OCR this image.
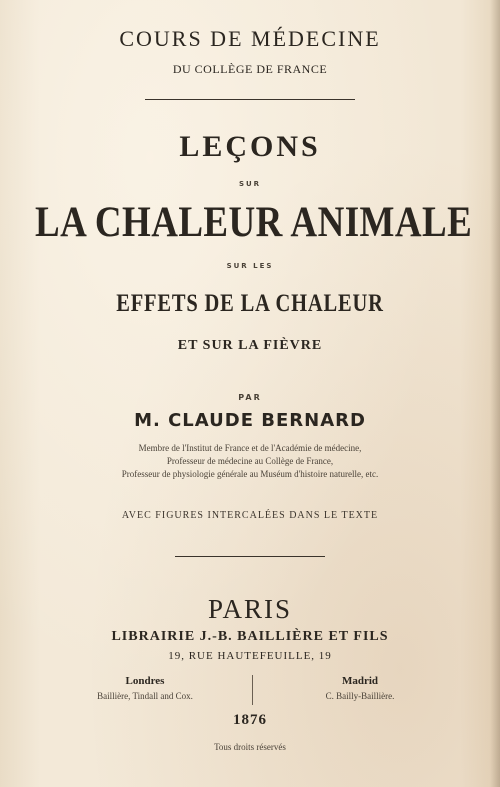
COURS DE MÉDECINE
DU COLLÈGE DE FRANCE
LEÇONS
SUR
LA CHALEUR ANIMALE
SUR LES
EFFETS DE LA CHALEUR
ET SUR LA FIÈVRE
PAR
M. CLAUDE BERNARD
Membre de l'Institut de France et de l'Académie de médecine,
Professeur de médecine au Collège de France,
Professeur de physiologie générale au Muséum d'histoire naturelle, etc.
AVEC FIGURES INTERCALÉES DANS LE TEXTE
PARIS
LIBRAIRIE J.-B. BAILLIÈRE ET FILS
19, RUE HAUTEFEUILLE, 19
Londres
Baillière, Tindall and Cox.
Madrid
C. Bailly-Baillière.
1876
Tous droits réservés
